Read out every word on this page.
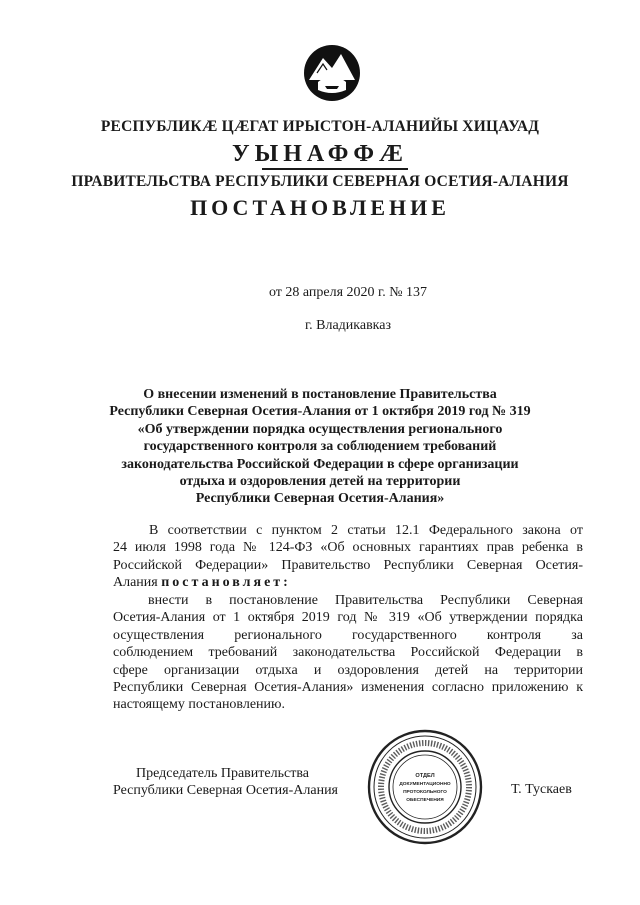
РЕСПУБЛИКӔ ЦӔГАТ ИРЫСТОН-АЛАНИЙЫ ХИЦАУАД
УЫНАФФӔ
ПРАВИТЕЛЬСТВА РЕСПУБЛИКИ СЕВЕРНАЯ ОСЕТИЯ-АЛАНИЯ
ПОСТАНОВЛЕНИЕ
от 28 апреля 2020 г. № 137
г. Владикавказ
О внесении изменений в постановление Правительства
Республики Северная Осетия-Алания от 1 октября 2019 год № 319
«Об утверждении порядка осуществления регионального
государственного контроля за соблюдением требований
законодательства Российской Федерации в сфере организации
отдыха и оздоровления детей на территории
Республики Северная Осетия-Алания»
В соответствии с пунктом 2 статьи 12.1 Федерального закона от
24 июля 1998 года № 124-ФЗ «Об основных гарантиях прав ребенка в
Российской Федерации» Правительство Республики Северная Осетия-
Алания постановляет:
внести в постановление Правительства Республики Северная
Осетия-Алания от 1 октября 2019 год № 319 «Об утверждении порядка
осуществления регионального государственного контроля за
соблюдением требований законодательства Российской Федерации в
сфере организации отдыха и оздоровления детей на территории
Республики Северная Осетия-Алания» изменения согласно приложению к
настоящему постановлению.
Председатель Правительства
Республики Северная Осетия-Алания
ОТДЕЛ
ДОКУМЕНТАЦИОННО
ПРОТОКОЛЬНОГО
ОБЕСПЕЧЕНИЯ
Т. Тускаев
